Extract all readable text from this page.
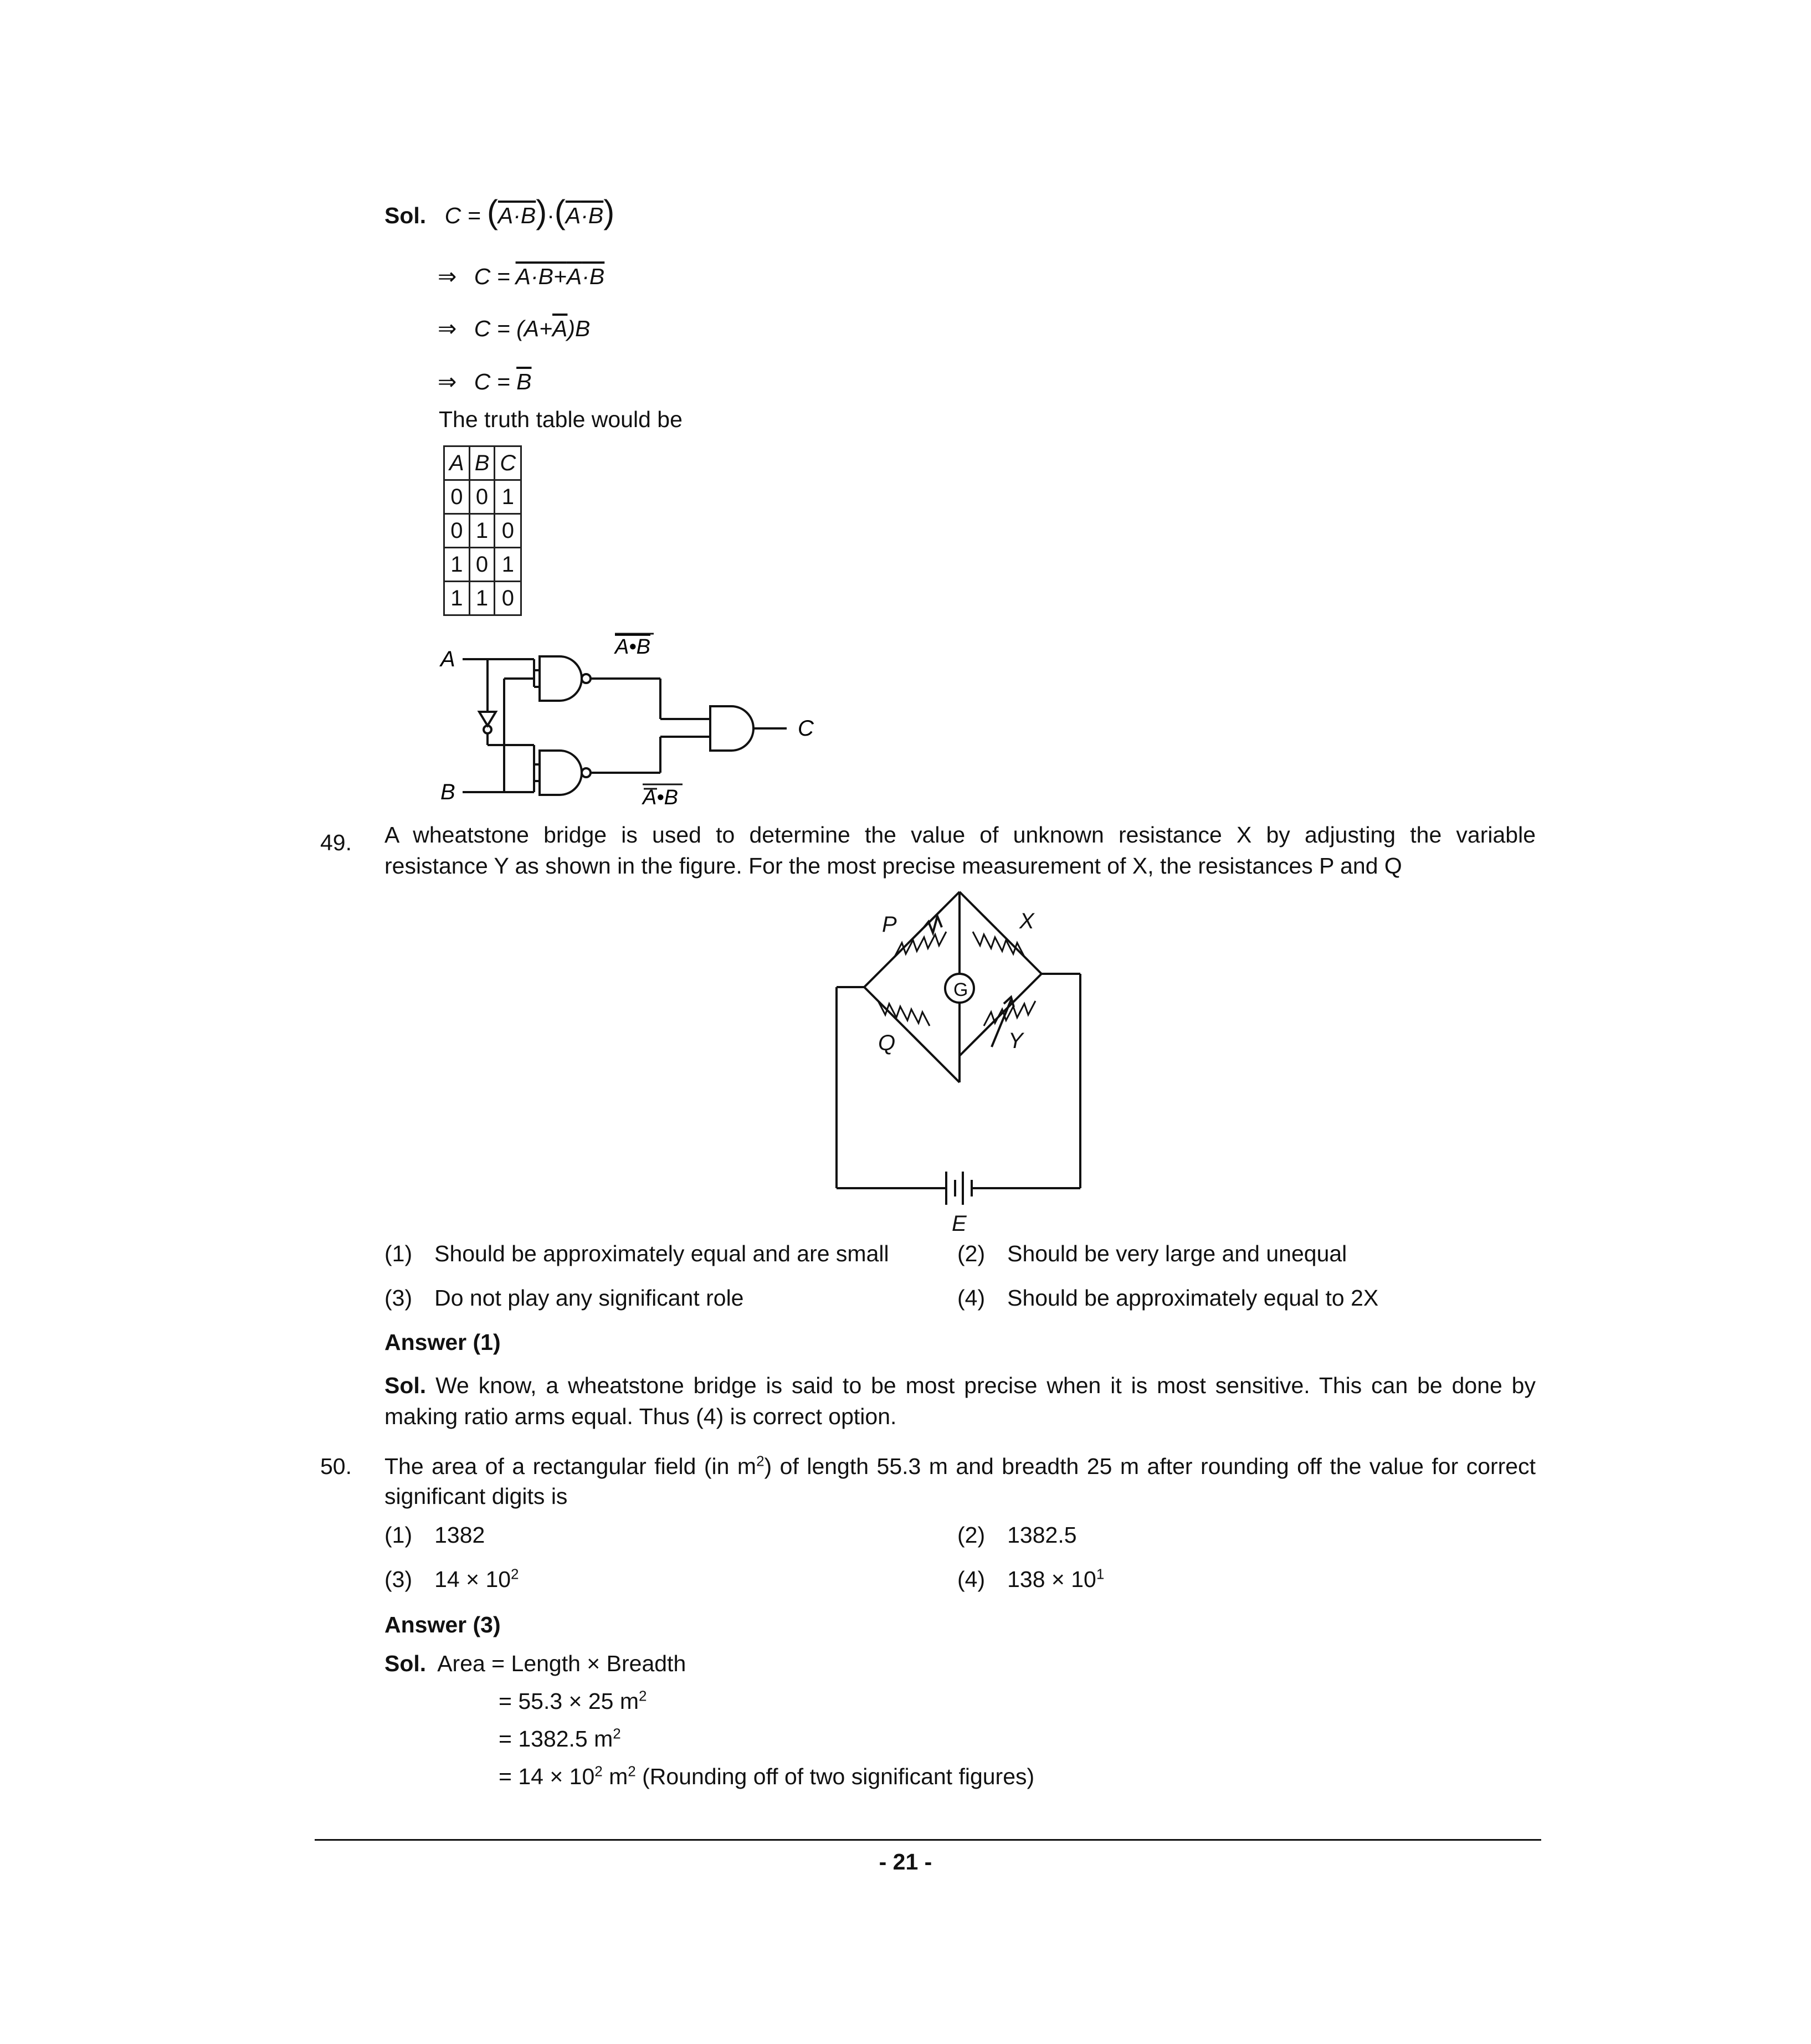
Sol. C = (A·B)·(A·B)
⇒ C = A·B+A·B
⇒ $C = (A+\overline{A})B$
⇒ $C = \overline{B}$
The truth table would be
A	B	C
0	0	1
0	1	0
1	0	1
1	1	0
A
B
C
A•B
A•B
49. A wheatstone bridge is used to determine the value of unknown resistance X by adjusting the variable
resistance Y as shown in the figure. For the most precise measurement of X, the resistances P and Q
P	X
Q	Y
G
E
(1) Should be approximately equal and are small	(2) Should be very large and unequal
(3) Do not play any significant role	(4) Should be approximately equal to 2X
Answer (1)
Sol. We know, a wheatstone bridge is said to be most precise when it is most sensitive. This can be done by
making ratio arms equal. Thus (4) is correct option.
50. The area of a rectangular field (in $m^2$) of length 55.3 m and breadth 25 m after rounding off the value for correct
significant digits is
(1) 1382	(2) 1382.5
(3) $14 \times 10^2$	(4) $138 \times 10^1$
Answer (3)
Sol. Area = Length × Breadth
= 55.3 × 25 $m^2$
= 1382.5 $m^2$
= $14 \times 10^2$ $m^2$ (Rounding off of two significant figures)
- 21 -
